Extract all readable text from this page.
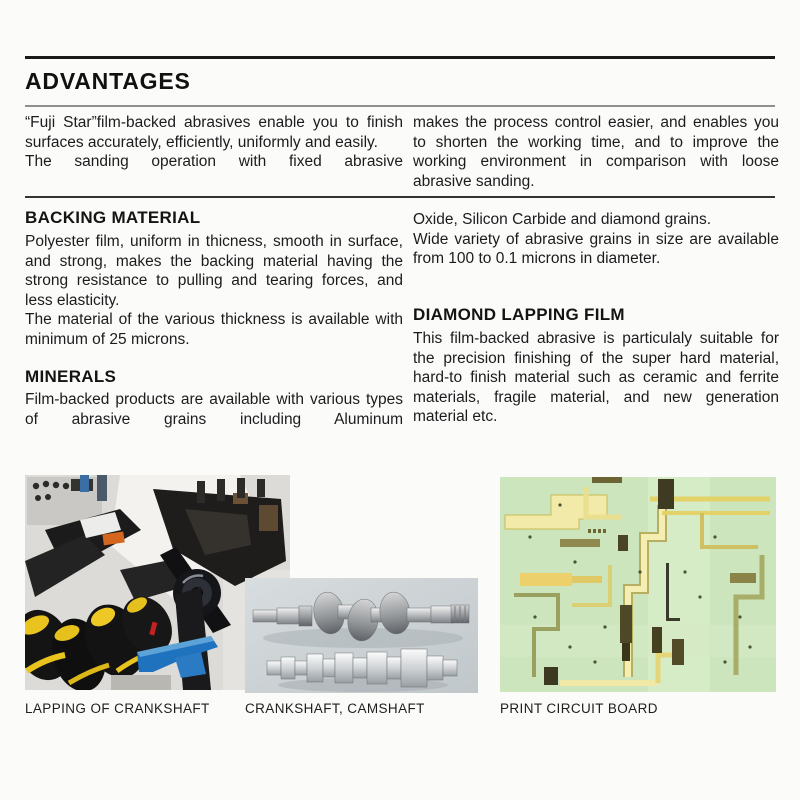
ADVANTAGES

“Fuji Star”film-backed abrasives enable you to finish surfaces accurately, efficiently, uniformly and easily.

The sanding operation with fixed abrasive

makes the process control easier, and enables you to shorten the working time, and to improve the working environment in comparison with loose abrasive sanding.

BACKING MATERIAL

Polyester film, uniform in thicness, smooth in surface, and strong, makes the backing material having the strong resistance to pulling and tearing forces, and less elasticity.

The material of the various thickness is available with minimum of 25 microns.

MINERALS

Film-backed products are available with various types of abrasive grains including Aluminum

Oxide, Silicon Carbide and diamond grains.

Wide variety of abrasive grains in size are available from 100 to 0.1 microns in diameter.

DIAMOND LAPPING FILM

This film-backed abrasive is particulaly suitable for the precision finishing of the super hard material, hard-to finish material such as ceramic and ferrite materials, fragile material, and new generation material etc.

LAPPING OF CRANKSHAFT	CRANKSHAFT, CAMSHAFT	PRINT CIRCUIT BOARD
